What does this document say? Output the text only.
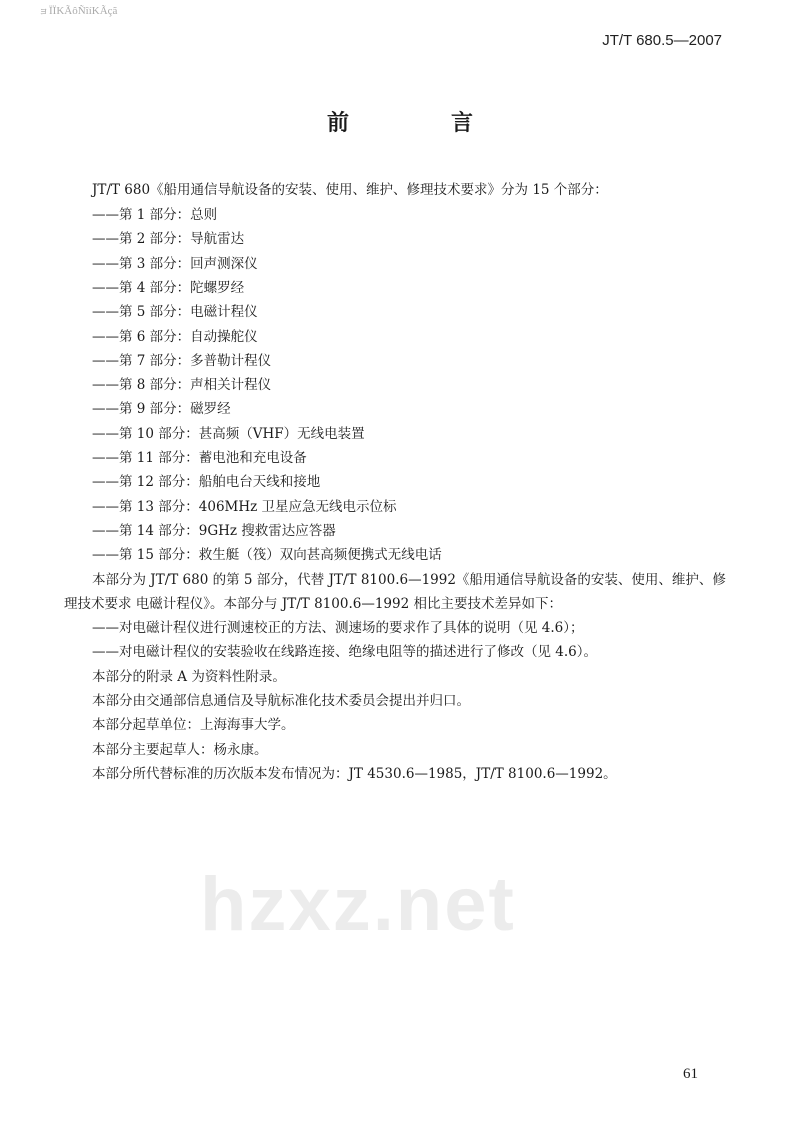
ョÏÏKÃôÑîíKÃçã
JT/T 680.5—2007
前　言
JT/T 680《船用通信导航设备的安装、使用、维护、修理技术要求》分为 15 个部分：
——第 1 部分：总则
——第 2 部分：导航雷达
——第 3 部分：回声测深仪
——第 4 部分：陀螺罗经
——第 5 部分：电磁计程仪
——第 6 部分：自动操舵仪
——第 7 部分：多普勒计程仪
——第 8 部分：声相关计程仪
——第 9 部分：磁罗经
——第 10 部分：甚高频（VHF）无线电装置
——第 11 部分：蓄电池和充电设备
——第 12 部分：船舶电台天线和接地
——第 13 部分：406MHz 卫星应急无线电示位标
——第 14 部分：9GHz 搜救雷达应答器
——第 15 部分：救生艇（筏）双向甚高频便携式无线电话
本部分为 JT/T 680 的第 5 部分，代替 JT/T 8100.6—1992《船用通信导航设备的安装、使用、维护、修
理技术要求 电磁计程仪》。本部分与 JT/T 8100.6—1992 相比主要技术差异如下：
——对电磁计程仪进行测速校正的方法、测速场的要求作了具体的说明（见 4.6）；
——对电磁计程仪的安装验收在线路连接、绝缘电阻等的描述进行了修改（见 4.6）。
本部分的附录 A 为资料性附录。
本部分由交通部信息通信及导航标准化技术委员会提出并归口。
本部分起草单位：上海海事大学。
本部分主要起草人：杨永康。
本部分所代替标准的历次版本发布情况为：JT 4530.6—1985，JT/T 8100.6—1992。
hzxz.net
61
